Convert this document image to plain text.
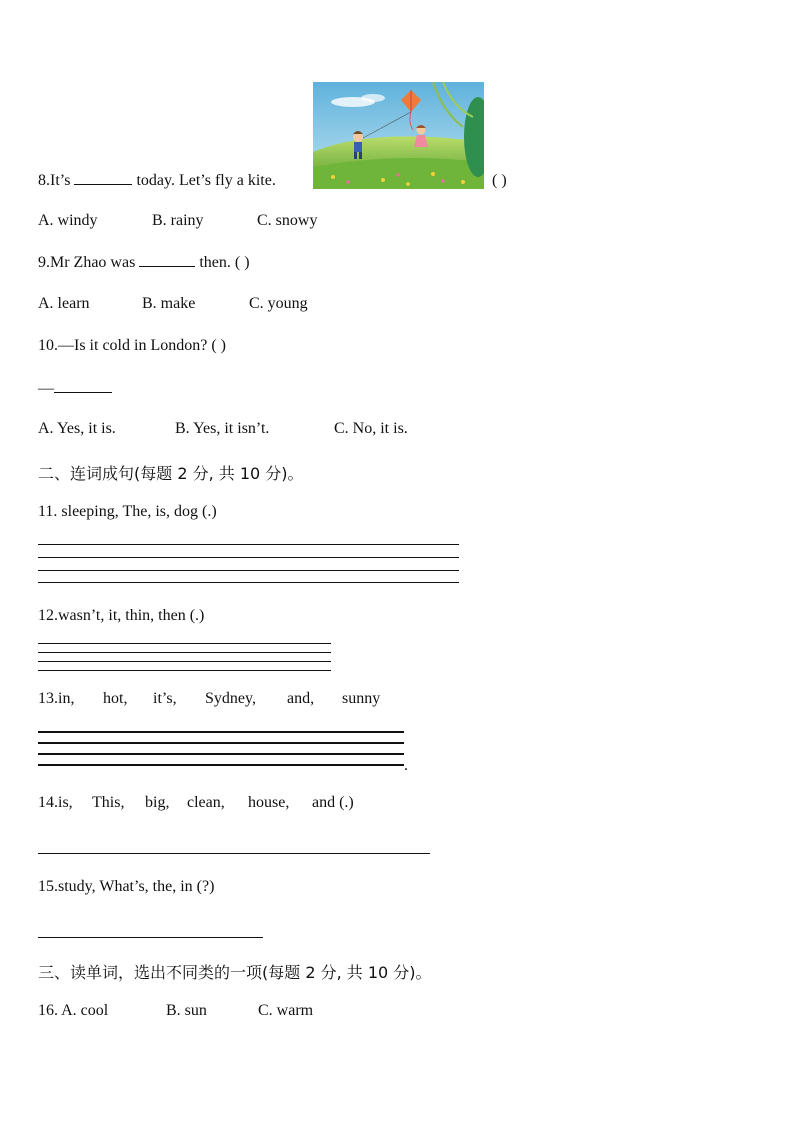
8.It’s	today. Let’s fly a kite.	( )
A. windy	B. rainy	C. snowy
9.Mr Zhao was	then. ( )
A. learn	B. make	C. young
10.—Is it cold in London? ( )
—
A. Yes, it is.	B. Yes, it isn’t.	C. No, it is.
二、连词成句(每题 2 分, 共 10 分)。
11. sleeping, The, is, dog (.)
12.wasn’t, it, thin, then (.)
13.in, hot, it’s, Sydney, and, sunny
.
14.is, This, big, clean, house, and (.)
15.study, What’s, the, in (?)
三、读单词，选出不同类的一项(每题 2 分, 共 10 分)。
16. A. cool	B. sun	C. warm
